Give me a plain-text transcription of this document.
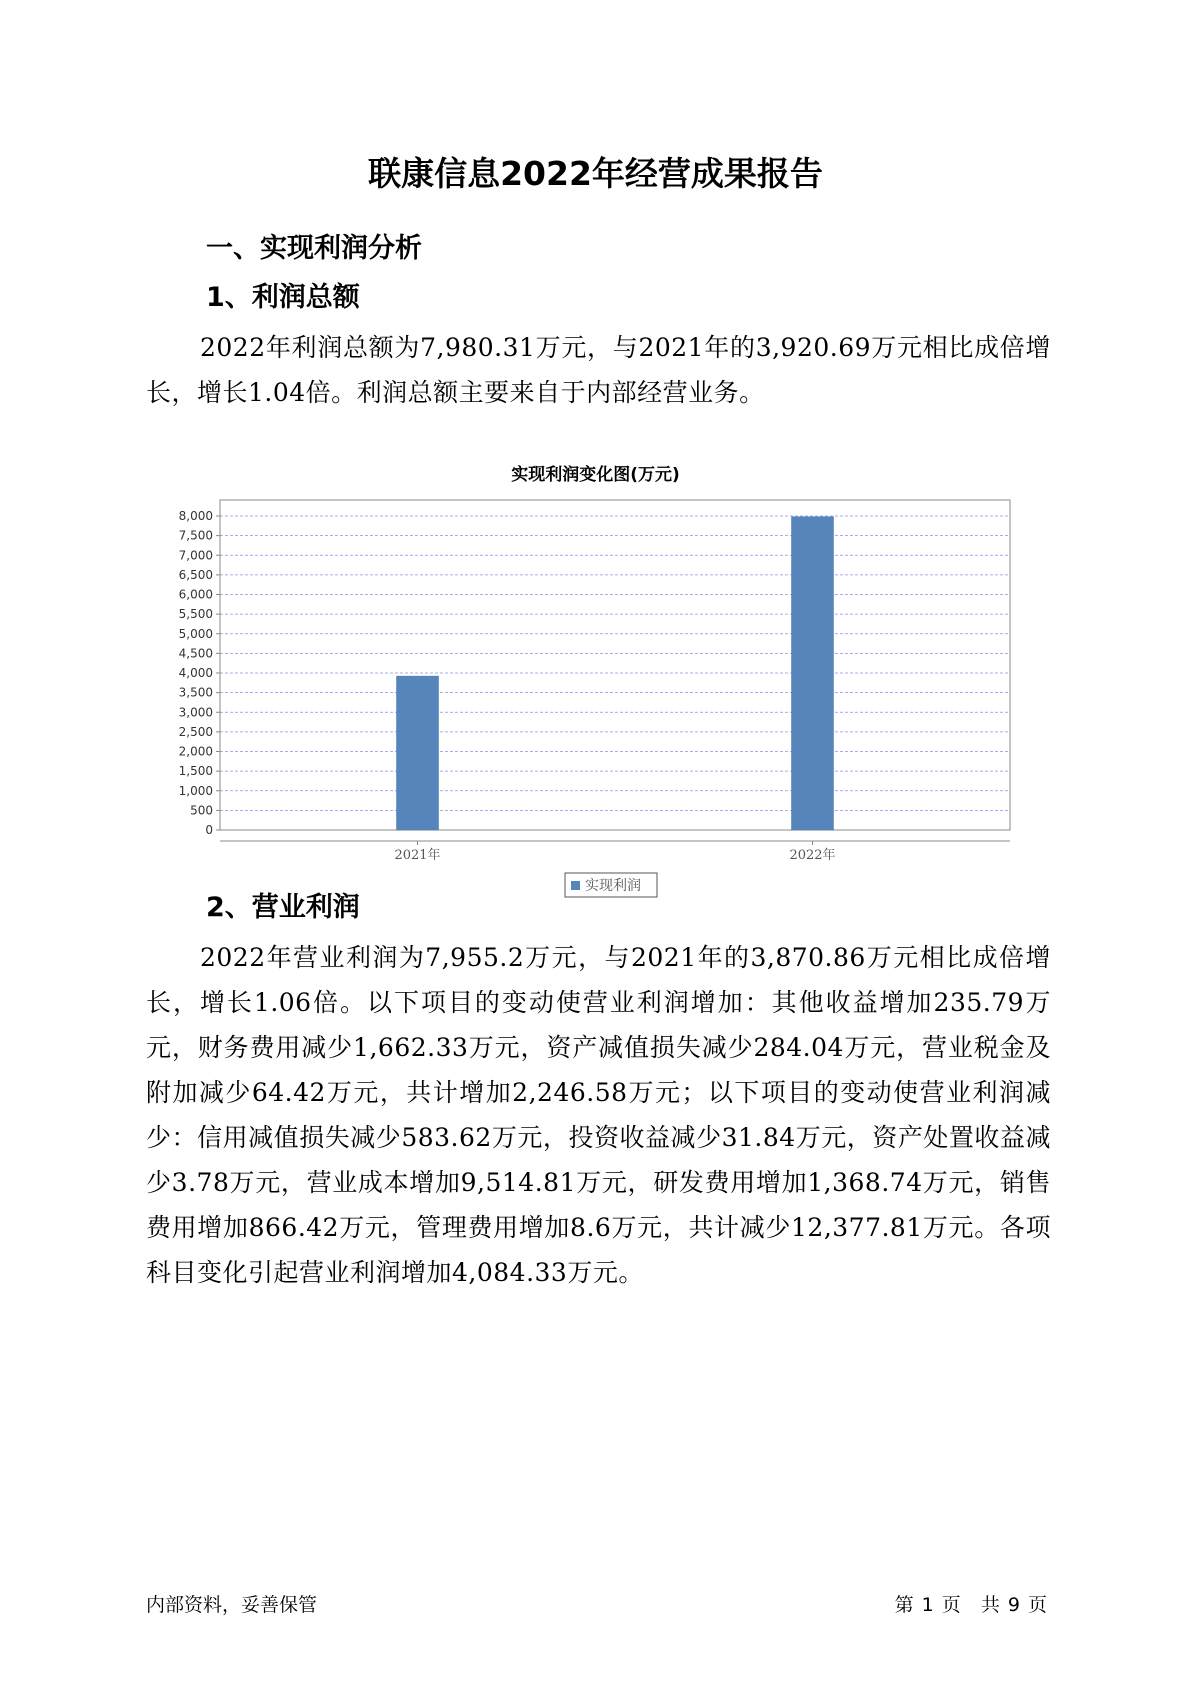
联康信息2022年经营成果报告
一、实现利润分析
1、利润总额
2022年利润总额为7,980.31万元，与2021年的3,920.69万元相比成倍增长，增长1.04倍。利润总额主要来自于内部经营业务。
实现利润变化图(万元)
0
500
1,000
1,500
2,000
2,500
3,000
3,500
4,000
4,500
5,000
5,500
6,000
6,500
7,000
7,500
8,000
2021年	2022年
实现利润
2、营业利润
2022年营业利润为7,955.2万元，与2021年的3,870.86万元相比成倍增长，增长1.06倍。以下项目的变动使营业利润增加：其他收益增加235.79万元，财务费用减少1,662.33万元，资产减值损失减少284.04万元，营业税金及附加减少64.42万元，共计增加2,246.58万元；以下项目的变动使营业利润减少：信用减值损失减少583.62万元，投资收益减少31.84万元，资产处置收益减少3.78万元，营业成本增加9,514.81万元，研发费用增加1,368.74万元，销售费用增加866.42万元，管理费用增加8.6万元，共计减少12,377.81万元。各项科目变化引起营业利润增加4,084.33万元。
内部资料，妥善保管	第 1 页 共 9 页
